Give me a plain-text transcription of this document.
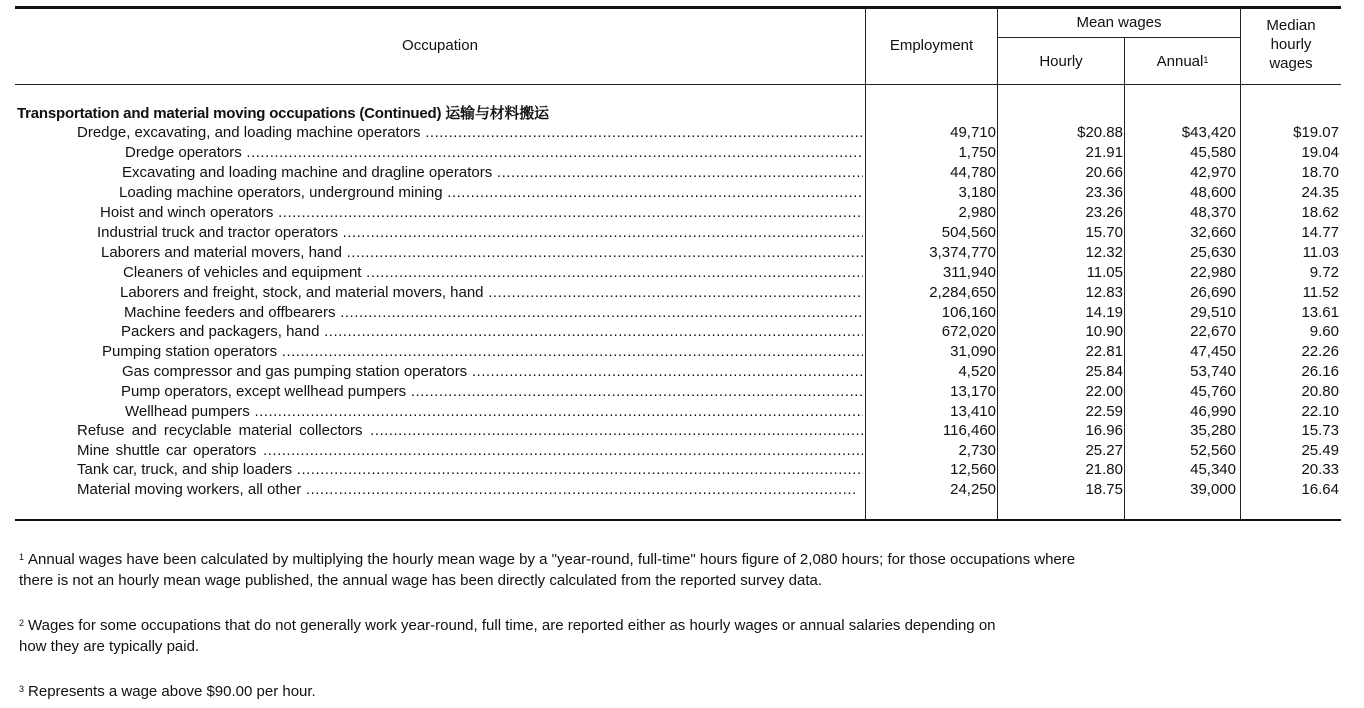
Occupation	Employment
Mean wages
Hourly	Annual$^1$
Median
hourly
wages
Transportation and material moving occupations (Continued) 运输与材料搬运
Dredge, excavating, and loading machine operators .....	49,710	$20.88	$43,420	$19.07
Dredge operators .....	1,750	21.91	45,580	19.04
Excavating and loading machine and dragline operators .....	44,780	20.66	42,970	18.70
Loading machine operators, underground mining .....	3,180	23.36	48,600	24.35
Hoist and winch operators .....	2,980	23.26	48,370	18.62
Industrial truck and tractor operators .....	504,560	15.70	32,660	14.77
Laborers and material movers, hand .....	3,374,770	12.32	25,630	11.03
Cleaners of vehicles and equipment .....	311,940	11.05	22,980	9.72
Laborers and freight, stock, and material movers, hand .....	2,284,650	12.83	26,690	11.52
Machine feeders and offbearers .....	106,160	14.19	29,510	13.61
Packers and packagers, hand .....	672,020	10.90	22,670	9.60
Pumping station operators .....	31,090	22.81	47,450	22.26
Gas compressor and gas pumping station operators .....	4,520	25.84	53,740	26.16
Pump operators, except wellhead pumpers .....	13,170	22.00	45,760	20.80
Wellhead pumpers .....	13,410	22.59	46,990	22.10
Refuse and recyclable material collectors .....	116,460	16.96	35,280	15.73
Mine shuttle car operators .....	2,730	25.27	52,560	25.49
Tank car, truck, and ship loaders .....	12,560	21.80	45,340	20.33
Material moving workers, all other .....	24,250	18.75	39,000	16.64
$^1$ Annual wages have been calculated by multiplying the hourly mean wage by a "year-round, full-time" hours figure of 2,080 hours; for those occupations where
there is not an hourly mean wage published, the annual wage has been directly calculated from the reported survey data.
$^2$ Wages for some occupations that do not generally work year-round, full time, are reported either as hourly wages or annual salaries depending on
how they are typically paid.
$^3$ Represents a wage above $90.00 per hour.
